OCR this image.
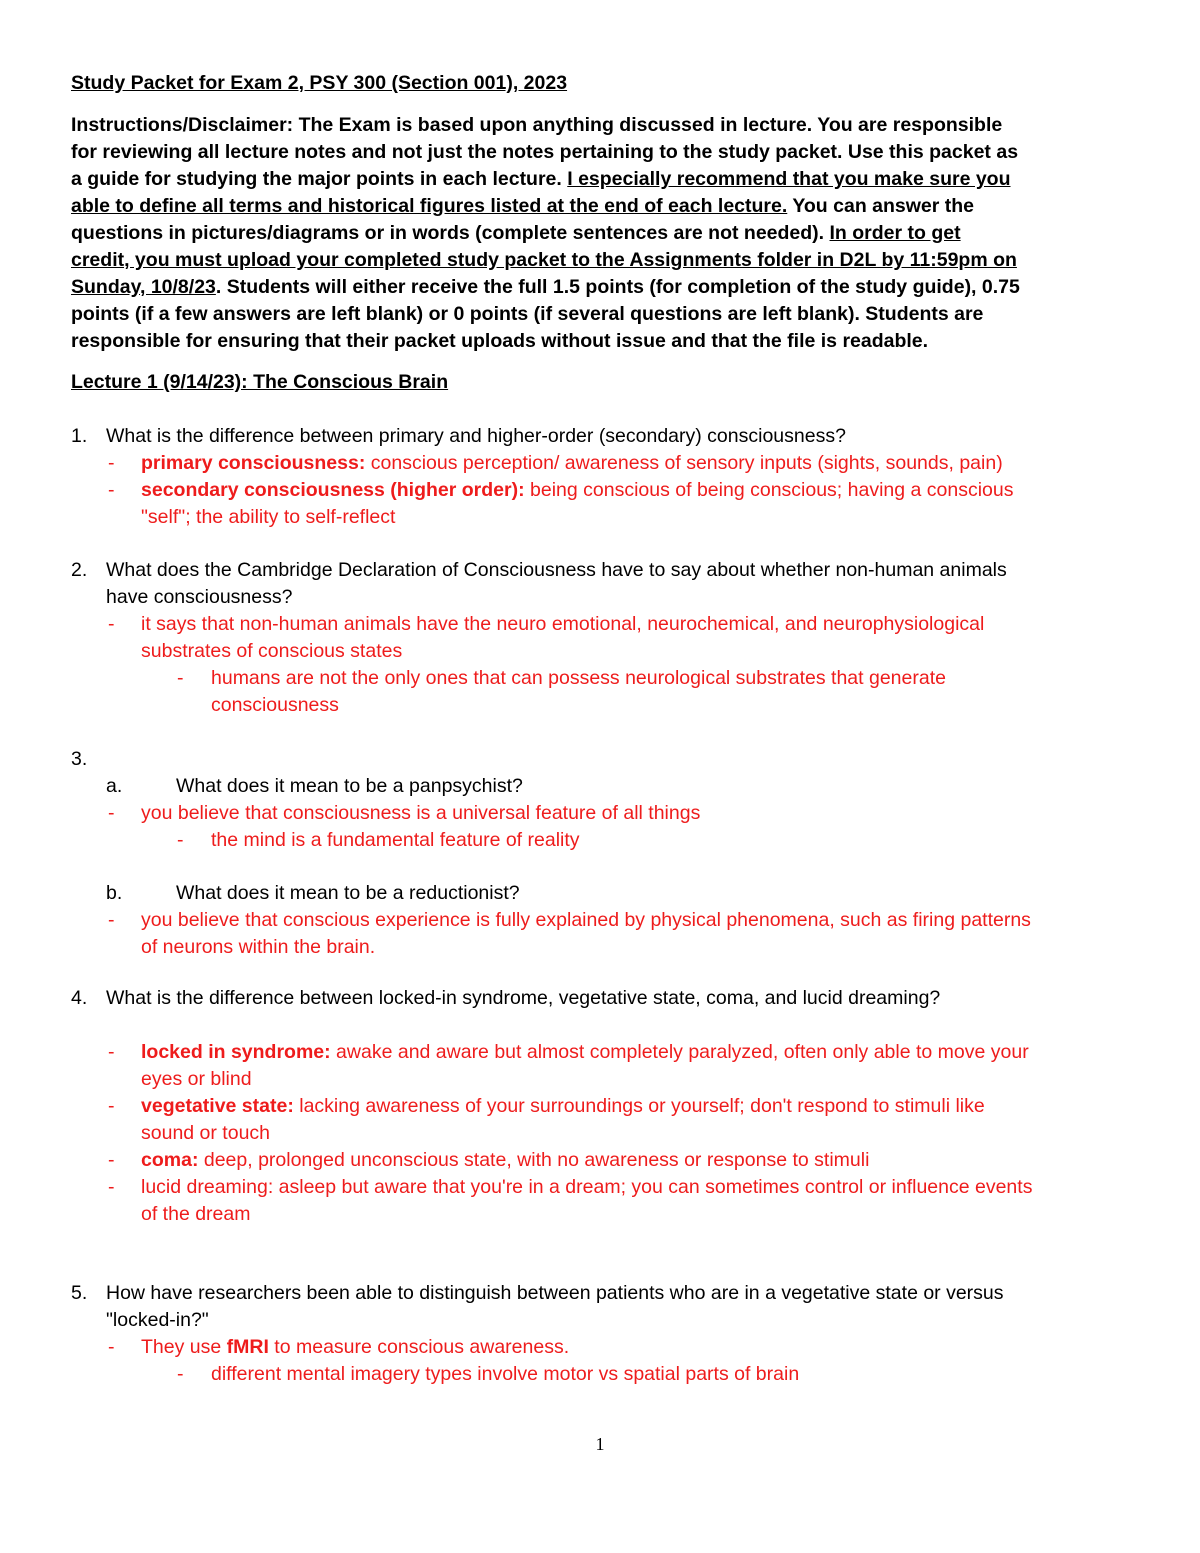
Study Packet for Exam 2, PSY 300 (Section 001), 2023
Instructions/Disclaimer: The Exam is based upon anything discussed in lecture. You are responsible
for reviewing all lecture notes and not just the notes pertaining to the study packet. Use this packet as
a guide for studying the major points in each lecture. I especially recommend that you make sure you
able to define all terms and historical figures listed at the end of each lecture. You can answer the
questions in pictures/diagrams or in words (complete sentences are not needed). In order to get
credit, you must upload your completed study packet to the Assignments folder in D2L by 11:59pm on
Sunday, 10/8/23. Students will either receive the full 1.5 points (for completion of the study guide), 0.75
points (if a few answers are left blank) or 0 points (if several questions are left blank). Students are
responsible for ensuring that their packet uploads without issue and that the file is readable.
Lecture 1 (9/14/23): The Conscious Brain
1. What is the difference between primary and higher-order (secondary) consciousness?
- primary consciousness: conscious perception/ awareness of sensory inputs (sights, sounds, pain)
- secondary consciousness (higher order): being conscious of being conscious; having a conscious
"self"; the ability to self-reflect
2. What does the Cambridge Declaration of Consciousness have to say about whether non-human animals
have consciousness?
- it says that non-human animals have the neuro emotional, neurochemical, and neurophysiological
substrates of conscious states
- humans are not the only ones that can possess neurological substrates that generate
consciousness
3.
a.	What does it mean to be a panpsychist?
- you believe that consciousness is a universal feature of all things
- the mind is a fundamental feature of reality
b.	What does it mean to be a reductionist?
- you believe that conscious experience is fully explained by physical phenomena, such as firing patterns
of neurons within the brain.
4. What is the difference between locked-in syndrome, vegetative state, coma, and lucid dreaming?
- locked in syndrome: awake and aware but almost completely paralyzed, often only able to move your
eyes or blind
- vegetative state: lacking awareness of your surroundings or yourself; don't respond to stimuli like
sound or touch
- coma: deep, prolonged unconscious state, with no awareness or response to stimuli
- lucid dreaming: asleep but aware that you're in a dream; you can sometimes control or influence events
of the dream
5. How have researchers been able to distinguish between patients who are in a vegetative state or versus
"locked-in?"
- They use fMRI to measure conscious awareness.
- different mental imagery types involve motor vs spatial parts of brain
1
